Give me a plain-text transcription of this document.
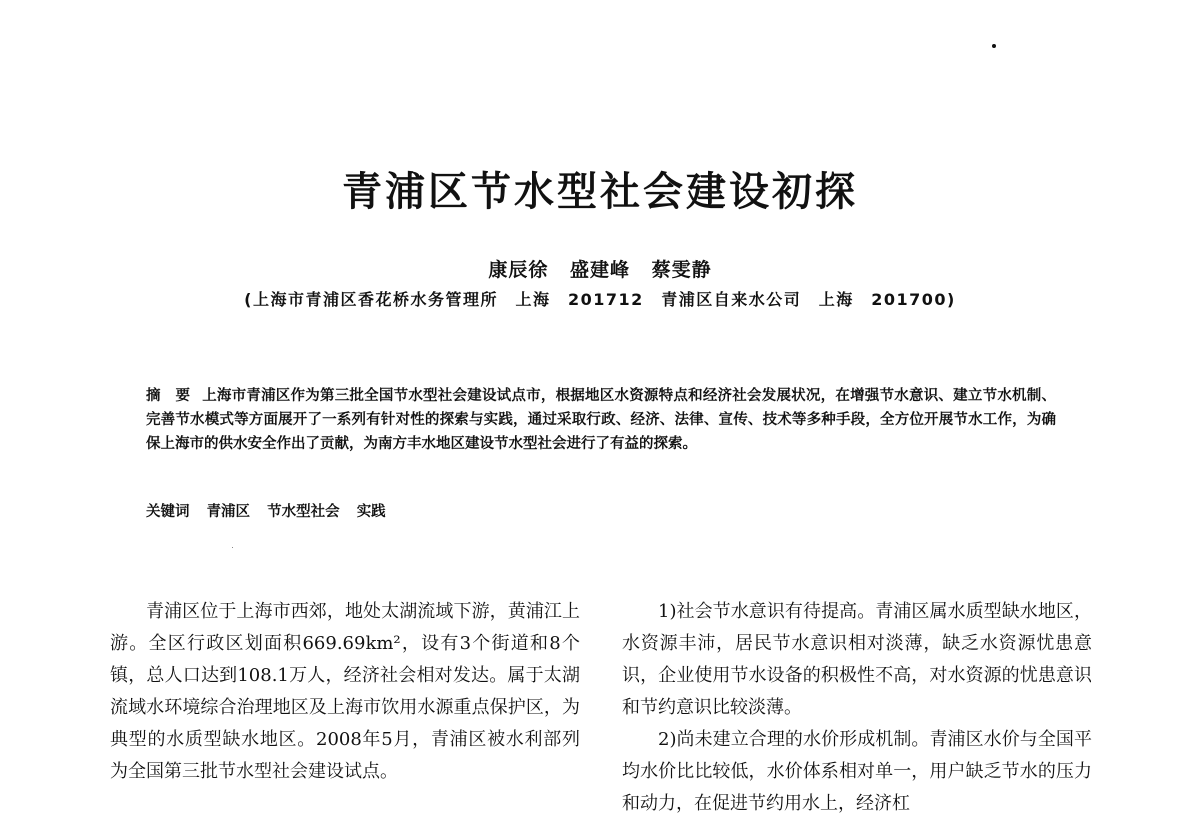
青浦区节水型社会建设初探
康辰徐 盛建峰 蔡雯静
(上海市青浦区香花桥水务管理所　上海　201712　青浦区自来水公司　上海　201700)
摘　要 上海市青浦区作为第三批全国节水型社会建设试点市，根据地区水资源特点和经济社会发展状况，在增强节水意识、建立节水机制、完善节水模式等方面展开了一系列有针对性的探索与实践，通过采取行政、经济、法律、宣传、技术等多种手段，全方位开展节水工作，为确保上海市的供水安全作出了贡献，为南方丰水地区建设节水型社会进行了有益的探索。
关键词 青浦区 节水型社会 实践

青浦区位于上海市西郊，地处太湖流域下游，黄浦江上游。全区行政区划面积669.69km²，设有3个街道和8个镇，总人口达到108.1万人，经济社会相对发达。属于太湖流域水环境综合治理地区及上海市饮用水源重点保护区，为典型的水质型缺水地区。2008年5月，青浦区被水利部列为全国第三批节水型社会建设试点。

1)社会节水意识有待提高。青浦区属水质型缺水地区，水资源丰沛，居民节水意识相对淡薄，缺乏水资源忧患意识，企业使用节水设备的积极性不高，对水资源的忧患意识和节约意识比较淡薄。

2)尚未建立合理的水价形成机制。青浦区水价与全国平均水价比比较低，水价体系相对单一，用户缺乏节水的压力和动力，在促进节约用水上，经济杠
